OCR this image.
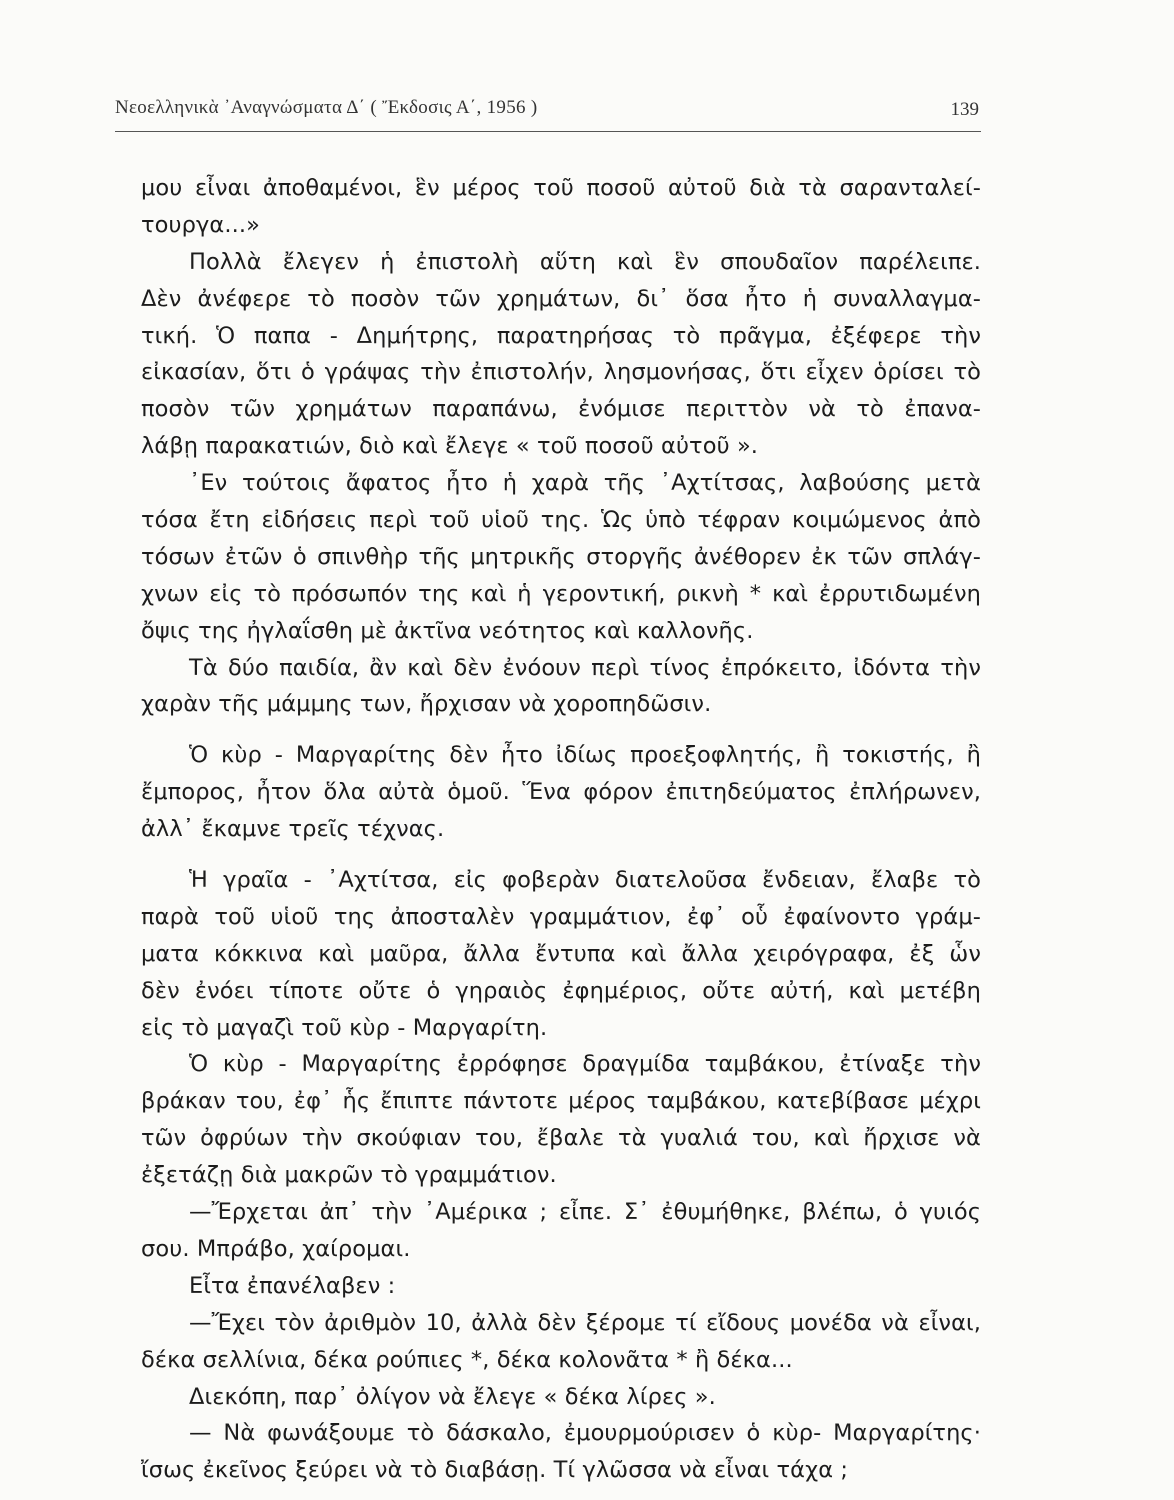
Νεοελληνικὰ ᾿Αναγνώσματα Δ΄ ( Ἔκδοσις Α΄, 1956 )	139
μου εἶναι ἀποθαμένοι, ἓν μέρος τοῦ ποσοῦ αὐτοῦ διὰ τὰ σαρανταλεί-
τουργα...»
Πολλὰ ἔλεγεν ἡ ἐπιστολὴ αὕτη καὶ ἓν σπουδαῖον παρέλειπε.
Δὲν ἀνέφερε τὸ ποσὸν τῶν χρημάτων, δι᾿ ὅσα ἦτο ἡ συναλλαγμα-
τική. Ὁ παπα - Δημήτρης, παρατηρήσας τὸ πρᾶγμα, ἐξέφερε τὴν
εἰκασίαν, ὅτι ὁ γράψας τὴν ἐπιστολήν, λησμονήσας, ὅτι εἶχεν ὁρίσει τὸ
ποσὸν τῶν χρημάτων παραπάνω, ἐνόμισε περιττὸν νὰ τὸ ἐπανα-
λάβῃ παρακατιών, διὸ καὶ ἔλεγε « τοῦ ποσοῦ αὐτοῦ ».
᾿Εν τούτοις ἄφατος ἦτο ἡ χαρὰ τῆς ᾿Αχτίτσας, λαβούσης μετὰ
τόσα ἔτη εἰδήσεις περὶ τοῦ υἱοῦ της. Ὡς ὑπὸ τέφραν κοιμώμενος ἀπὸ
τόσων ἐτῶν ὁ σπινθὴρ τῆς μητρικῆς στοργῆς ἀνέθορεν ἐκ τῶν σπλάγ-
χνων εἰς τὸ πρόσωπόν της καὶ ἡ γεροντική, ρικνὴ * καὶ ἐρρυτιδωμένη
ὄψις της ἠγλαΐσθη μὲ ἀκτῖνα νεότητος καὶ καλλονῆς.
Τὰ δύο παιδία, ἂν καὶ δὲν ἐνόουν περὶ τίνος ἐπρόκειτο, ἰδόντα τὴν
χαρὰν τῆς μάμμης των, ἤρχισαν νὰ χοροπηδῶσιν.
Ὁ κὺρ - Μαργαρίτης δὲν ἦτο ἰδίως προεξοφλητής, ἢ τοκιστής, ἢ
ἔμπορος, ἦτον ὅλα αὐτὰ ὁμοῦ. Ἕνα φόρον ἐπιτηδεύματος ἐπλήρωνεν,
ἀλλ᾿ ἔκαμνε τρεῖς τέχνας.
Ἡ γραῖα - ᾿Αχτίτσα, εἰς φοβερὰν διατελοῦσα ἔνδειαν, ἔλαβε τὸ
παρὰ τοῦ υἱοῦ της ἀποσταλὲν γραμμάτιον, ἐφ᾿ οὗ ἐφαίνοντο γράμ-
ματα κόκκινα καὶ μαῦρα, ἄλλα ἔντυπα καὶ ἄλλα χειρόγραφα, ἐξ ὧν
δὲν ἐνόει τίποτε οὔτε ὁ γηραιὸς ἐφημέριος, οὔτε αὐτή, καὶ μετέβη
εἰς τὸ μαγαζὶ τοῦ κὺρ - Μαργαρίτη.
Ὁ κὺρ - Μαργαρίτης ἐρρόφησε δραγμίδα ταμβάκου, ἐτίναξε τὴν
βράκαν του, ἐφ᾿ ἧς ἔπιπτε πάντοτε μέρος ταμβάκου, κατεβίβασε μέχρι
τῶν ὀφρύων τὴν σκούφιαν του, ἔβαλε τὰ γυαλιά του, καὶ ἤρχισε νὰ
ἐξετάζῃ διὰ μακρῶν τὸ γραμμάτιον.
—Ἔρχεται ἀπ᾿ τὴν ᾿Αμέρικα ; εἶπε. Σ᾿ ἐθυμήθηκε, βλέπω, ὁ γυιός
σου. Μπράβο, χαίρομαι.
Εἶτα ἐπανέλαβεν :
—Ἔχει τὸν ἀριθμὸν 10, ἀλλὰ δὲν ξέρομε τί εἴδους μονέδα νὰ εἶναι,
δέκα σελλίνια, δέκα ρούπιες *, δέκα κολονᾶτα * ἢ δέκα...
Διεκόπη, παρ᾿ ὀλίγον νὰ ἔλεγε « δέκα λίρες ».
— Νὰ φωνάξουμε τὸ δάσκαλο, ἐμουρμούρισεν ὁ κὺρ- Μαργαρίτης·
ἴσως ἐκεῖνος ξεύρει νὰ τὸ διαβάσῃ. Τί γλῶσσα νὰ εἶναι τάχα ;
